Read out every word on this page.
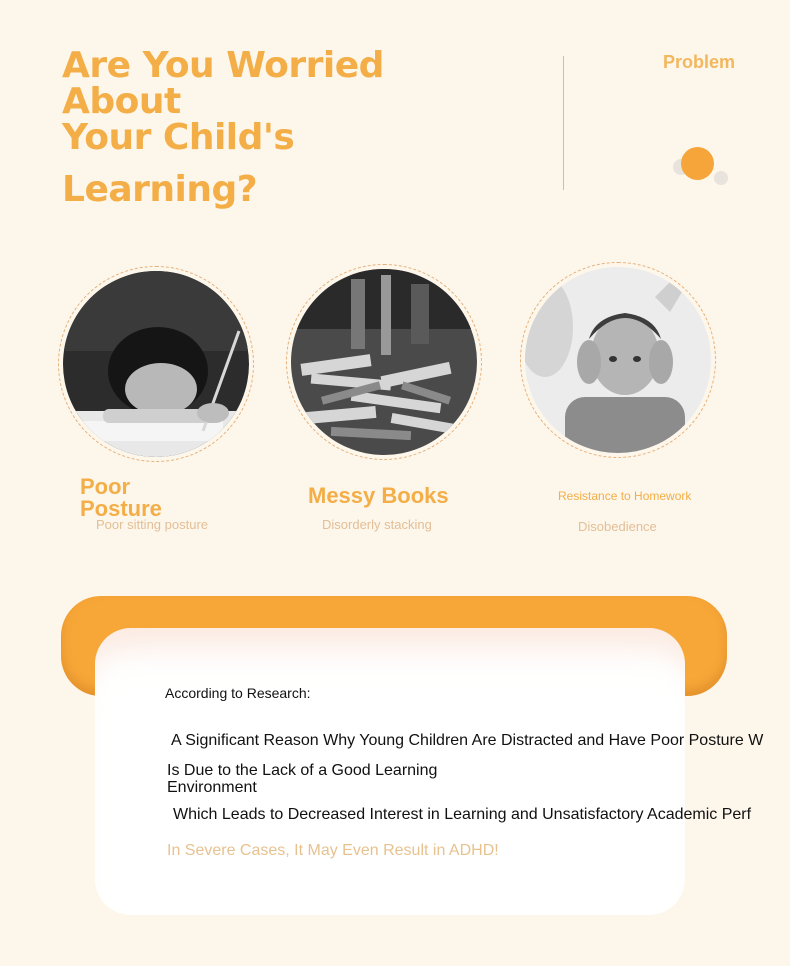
Are You Worried About
Your Child's
Learning?
Problem
Poor Posture
Poor sitting posture
Messy Books
Disorderly stacking
Resistance to Homework
Disobedience
According to Research:
A Significant Reason Why Young Children Are Distracted and Have Poor Posture W
Is Due to the Lack of a Good Learning Environment
Which Leads to Decreased Interest in Learning and Unsatisfactory Academic Perf
In Severe Cases, It May Even Result in ADHD!
